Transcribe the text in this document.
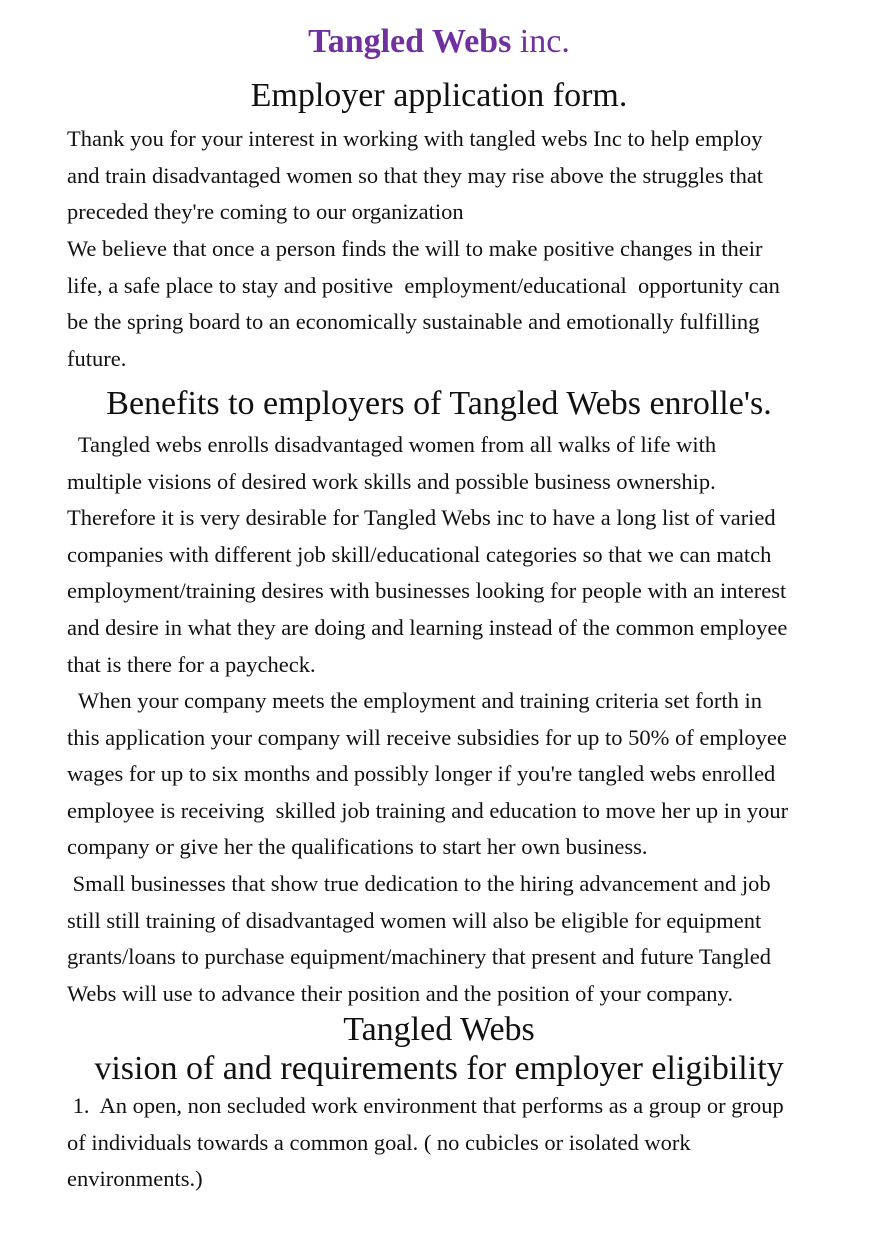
Tangled Webs inc.
Employer application form.
Thank you for your interest in working with tangled webs Inc to help employ
and train disadvantaged women so that they may rise above the struggles that
preceded they're coming to our organization
We believe that once a person finds the will to make positive changes in their
life, a safe place to stay and positive  employment/educational  opportunity can
be the spring board to an economically sustainable and emotionally fulfilling
future.
Benefits to employers of Tangled Webs enrolle's.
Tangled webs enrolls disadvantaged women from all walks of life with
multiple visions of desired work skills and possible business ownership.
Therefore it is very desirable for Tangled Webs inc to have a long list of varied
companies with different job skill/educational categories so that we can match
employment/training desires with businesses looking for people with an interest
and desire in what they are doing and learning instead of the common employee
that is there for a paycheck.
When your company meets the employment and training criteria set forth in
this application your company will receive subsidies for up to 50% of employee
wages for up to six months and possibly longer if you're tangled webs enrolled
employee is receiving  skilled job training and education to move her up in your
company or give her the qualifications to start her own business.
Small businesses that show true dedication to the hiring advancement and job
still still training of disadvantaged women will also be eligible for equipment
grants/loans to purchase equipment/machinery that present and future Tangled
Webs will use to advance their position and the position of your company.
Tangled Webs
vision of and requirements for employer eligibility
1.  An open, non secluded work environment that performs as a group or group
of individuals towards a common goal. ( no cubicles or isolated work
environments.)
